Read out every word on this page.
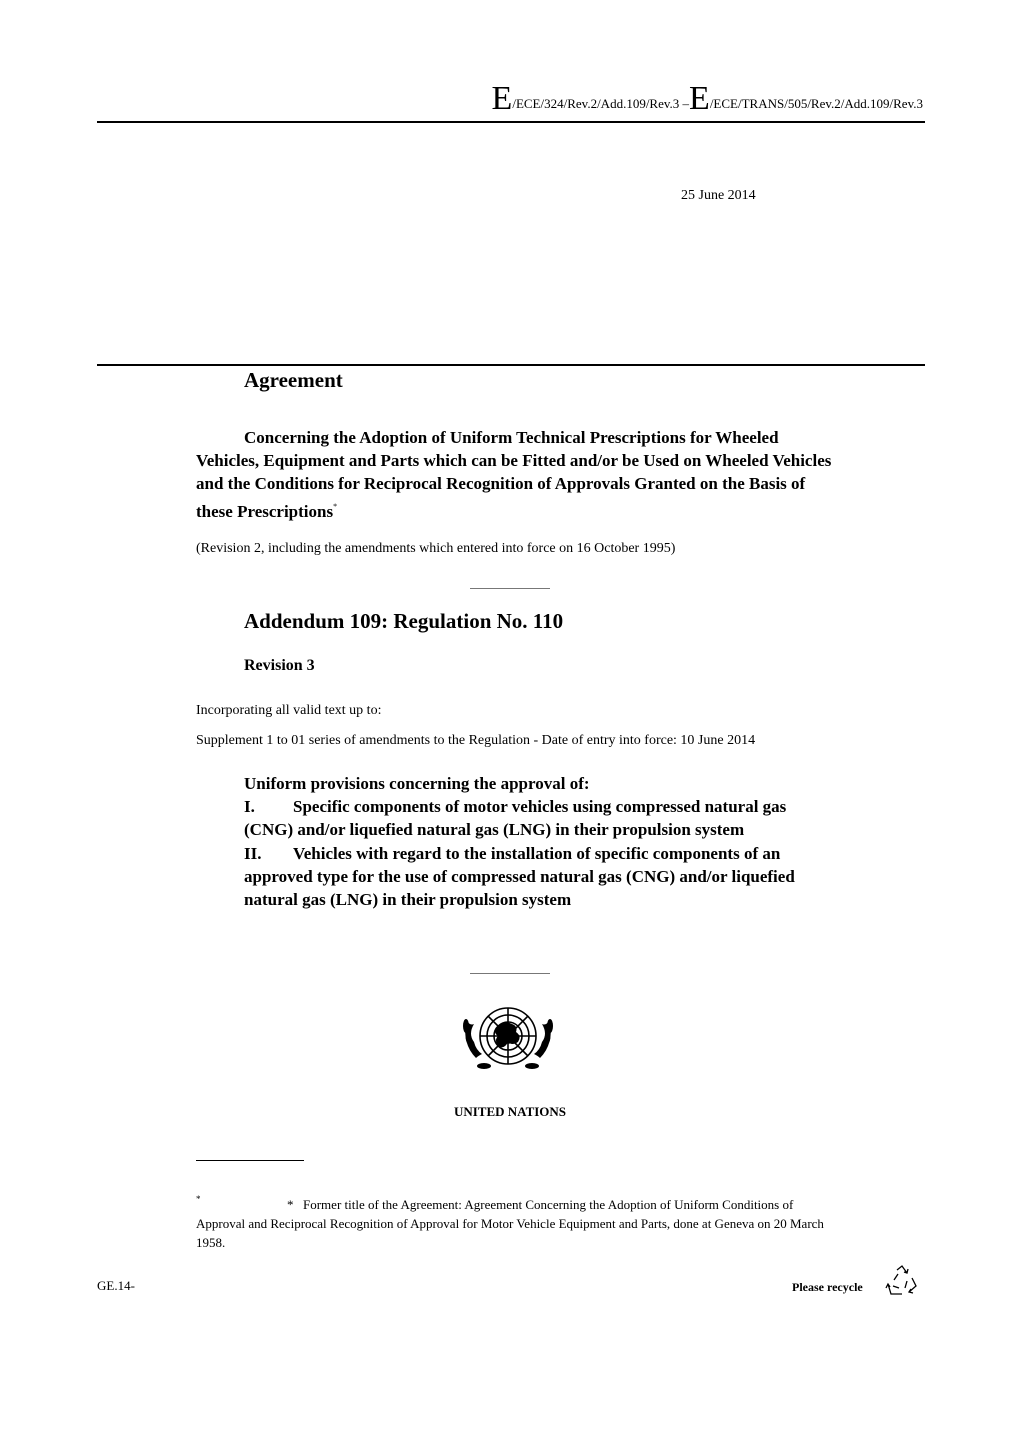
E/ECE/324/Rev.2/Add.109/Rev.3 –E/ECE/TRANS/505/Rev.2/Add.109/Rev.3
25 June 2014
Agreement
Concerning the Adoption of Uniform Technical Prescriptions for Wheeled Vehicles, Equipment and Parts which can be Fitted and/or be Used on Wheeled Vehicles and the Conditions for Reciprocal Recognition of Approvals Granted on the Basis of these Prescriptions*
(Revision 2, including the amendments which entered into force on 16 October 1995)
Addendum 109: Regulation No. 110
Revision 3
Incorporating all valid text up to:
Supplement 1 to 01 series of amendments to the Regulation - Date of entry into force: 10 June 2014
Uniform provisions concerning the approval of:
I. Specific components of motor vehicles using compressed natural gas (CNG) and/or liquefied natural gas (LNG) in their propulsion system
II. Vehicles with regard to the installation of specific components of an approved type for the use of compressed natural gas (CNG) and/or liquefied natural gas (LNG) in their propulsion system
UNITED NATIONS
*	* Former title of the Agreement: Agreement Concerning the Adoption of Uniform Conditions of Approval and Reciprocal Recognition of Approval for Motor Vehicle Equipment and Parts, done at Geneva on 20 March 1958.
GE.14-	Please recycle
